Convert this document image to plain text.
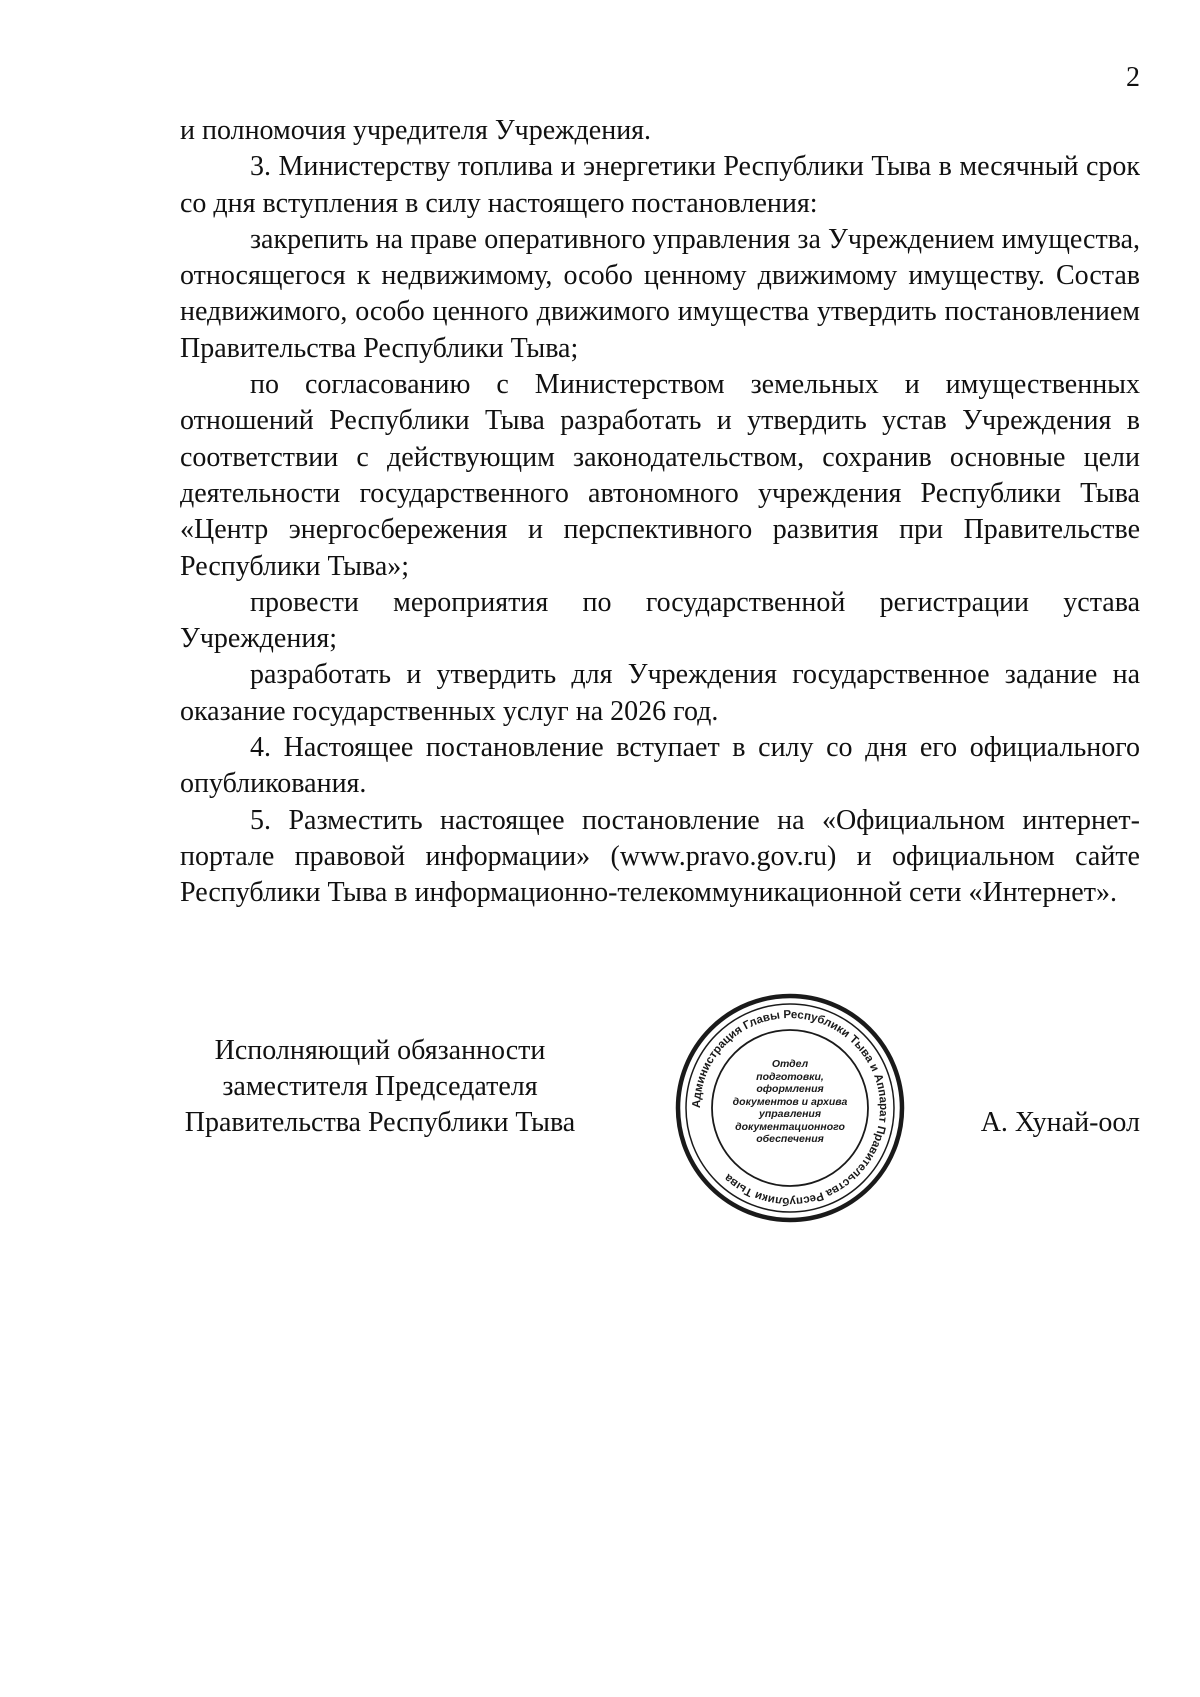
2

и полномочия учредителя Учреждения.

3. Министерству топлива и энергетики Республики Тыва в месячный срок со дня вступления в силу настоящего постановления:

закрепить на праве оперативного управления за Учреждением имущества, относящегося к недвижимому, особо ценному движимому имуществу. Состав недвижимого, особо ценного движимого имущества утвердить постановлением Правительства Республики Тыва;

по согласованию с Министерством земельных и имущественных отношений Республики Тыва разработать и утвердить устав Учреждения в соответствии с действующим законодательством, сохранив основные цели деятельности государственного автономного учреждения Республики Тыва «Центр энергосбережения и перспективного развития при Правительстве Республики Тыва»;

провести мероприятия по государственной регистрации устава Учреждения;

разработать и утвердить для Учреждения государственное задание на оказание государственных услуг на 2026 год.

4. Настоящее постановление вступает в силу со дня его официального опубликования.

5. Разместить настоящее постановление на «Официальном интернет-портале правовой информации» (www.pravo.gov.ru) и официальном сайте Республики Тыва в информационно-телекоммуникационной сети «Интернет».

Исполняющий обязанности
заместителя Председателя
Правительства Республики Тыва
Администрация Главы Республики Тыва и Аппарат Правительства Республики Тыва
Отдел
подготовки,
оформления
документов и архива
управления
документационного
обеспечения
А. Хунай-оол
